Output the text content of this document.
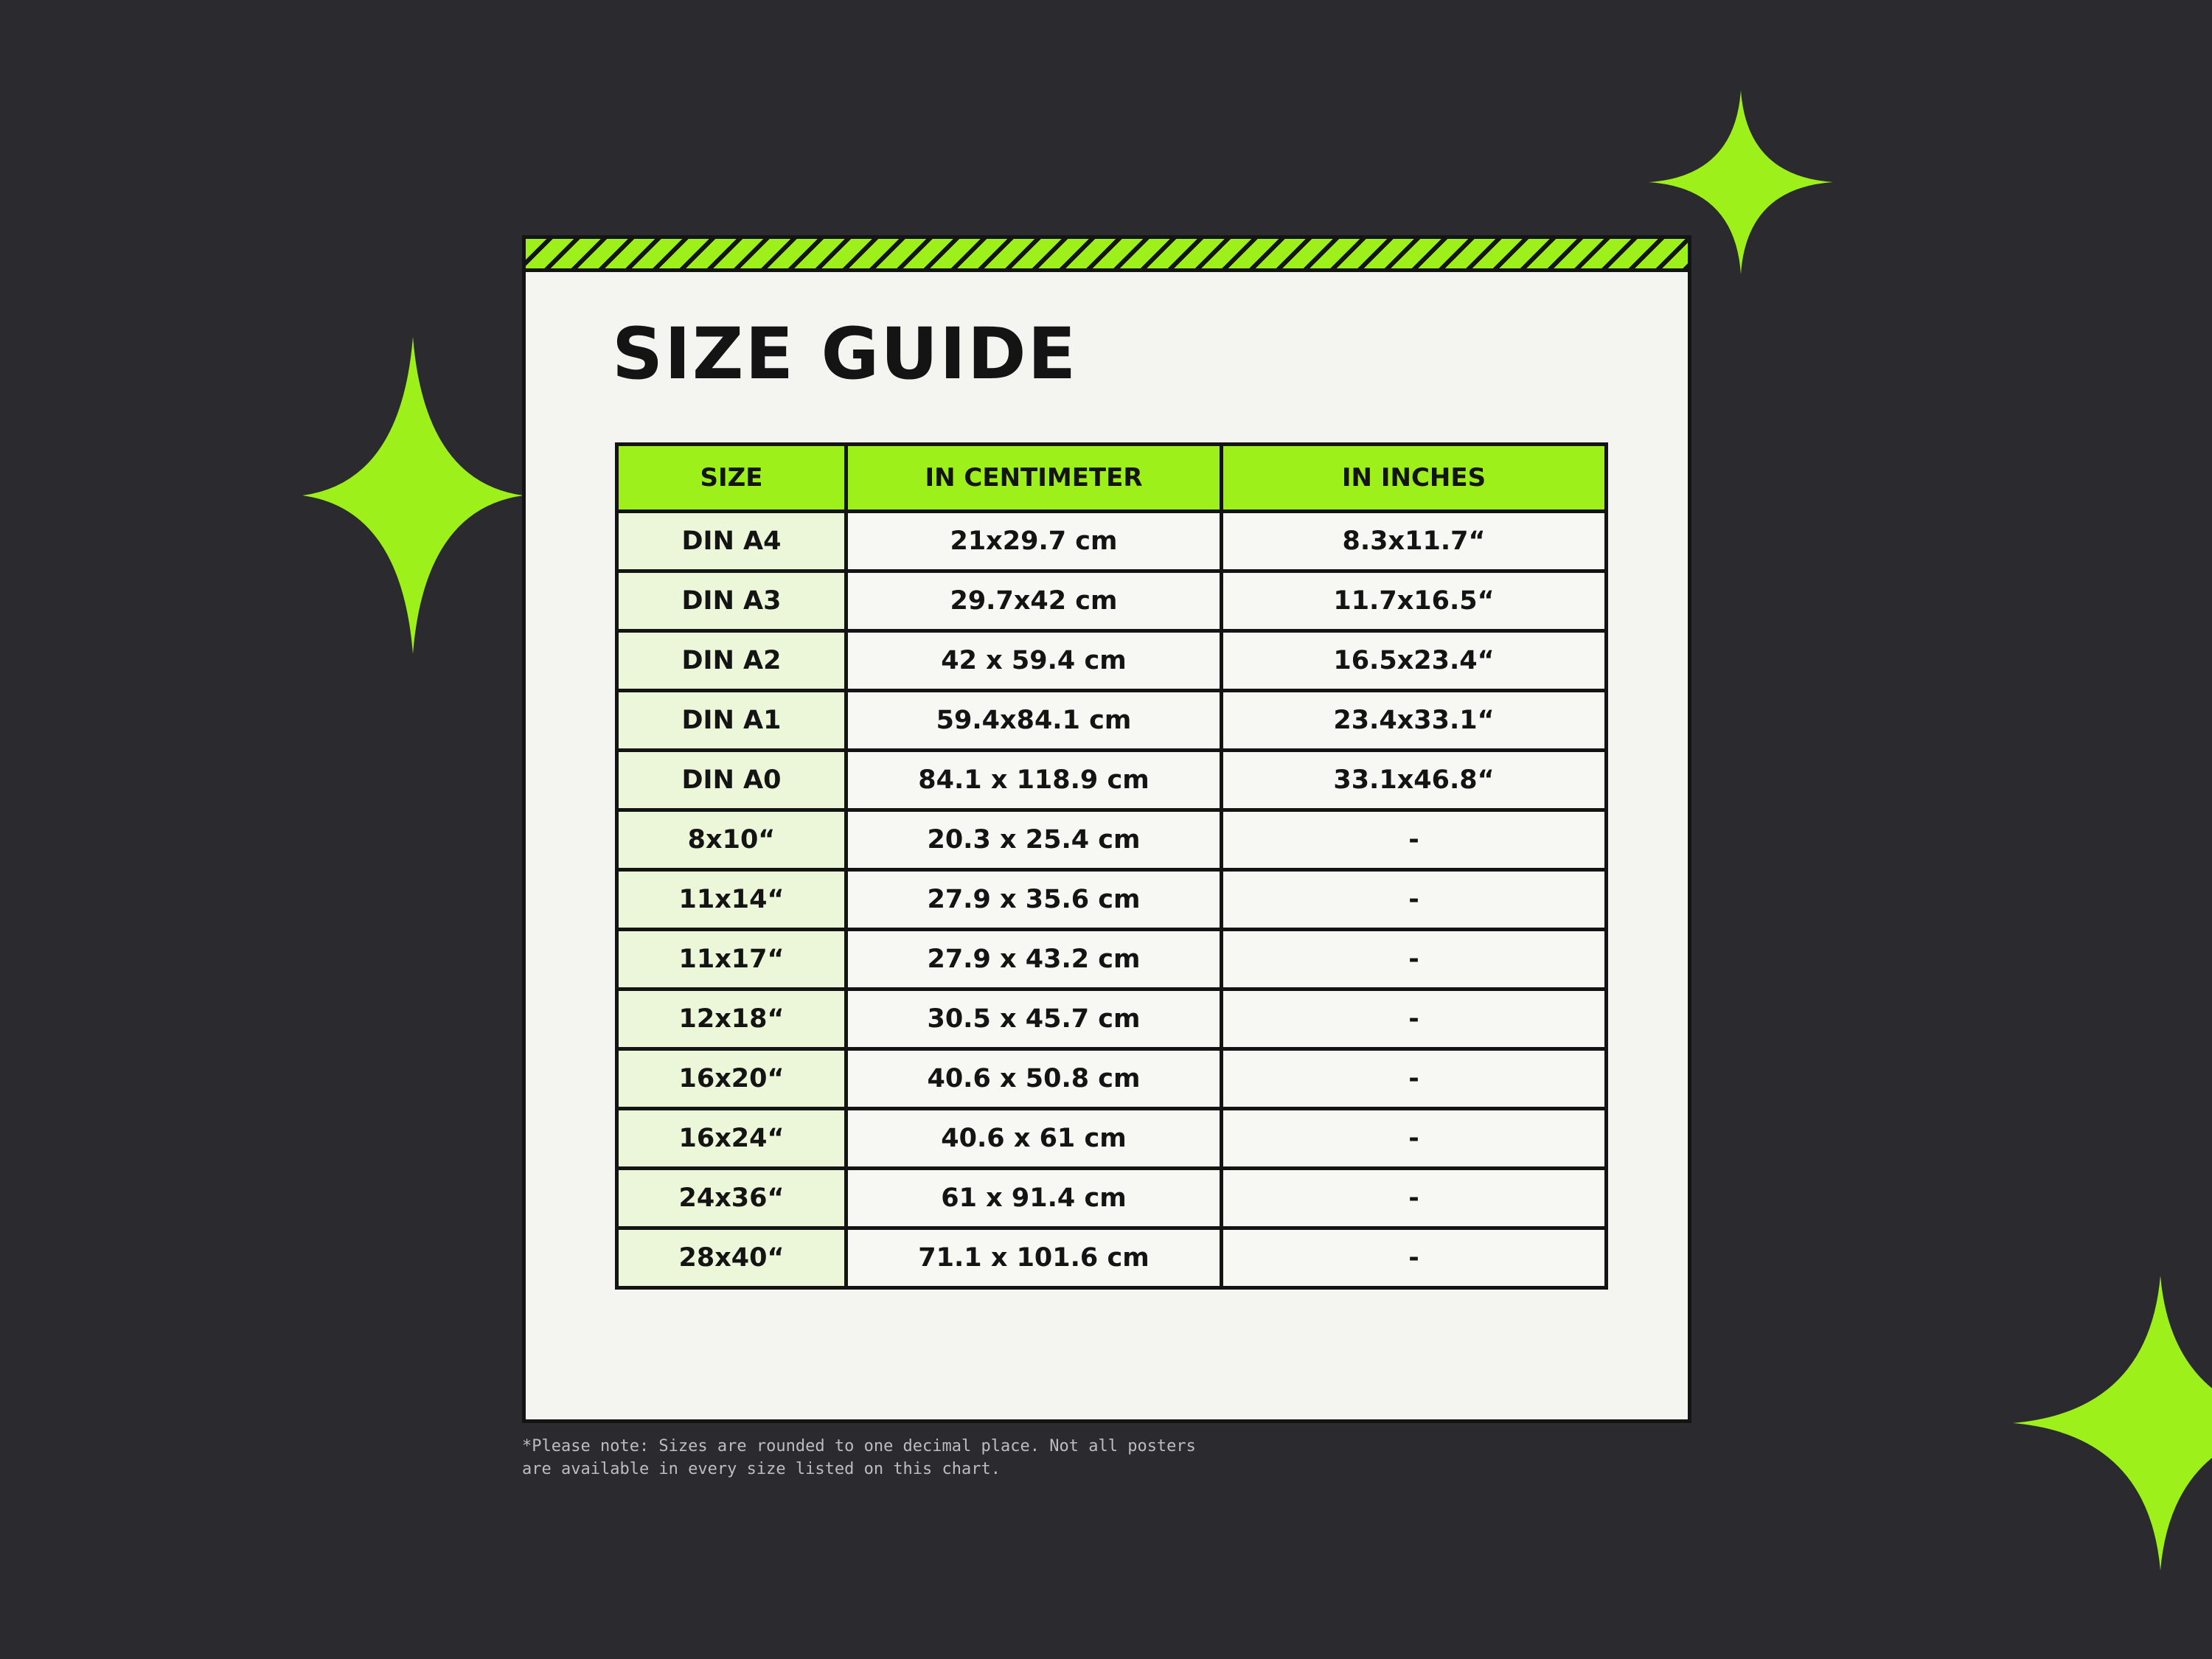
SIZE GUIDE
SIZE	IN CENTIMETER	IN INCHES
DIN A4	21x29.7 cm	8.3x11.7“
DIN A3	29.7x42 cm	11.7x16.5“
DIN A2	42 x 59.4 cm	16.5x23.4“
DIN A1	59.4x84.1 cm	23.4x33.1“
DIN A0	84.1 x 118.9 cm	33.1x46.8“
8x10“	20.3 x 25.4 cm	-
11x14“	27.9 x 35.6 cm	-
11x17“	27.9 x 43.2 cm	-
12x18“	30.5 x 45.7 cm	-
16x20“	40.6 x 50.8 cm	-
16x24“	40.6 x 61 cm	-
24x36“	61 x 91.4 cm	-
28x40“	71.1 x 101.6 cm	-
*Please note: Sizes are rounded to one decimal place. Not all posters
are available in every size listed on this chart.
